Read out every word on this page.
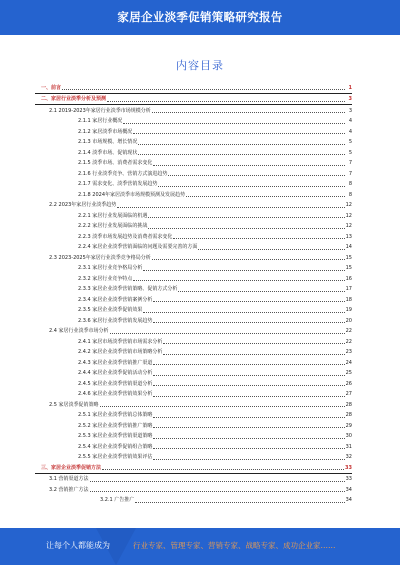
家居企业淡季促销策略研究报告
内容目录
一、前言	1
二、家居行业淡季分析及预测	3
2.1 2019-2023年家居行业淡季市场规模分析	3
2.1.1 家居行业概况	4
2.1.2 家居淡季市场概况	4
2.1.3 市场规模、增长情况	5
2.1.4 淡季市场、促销现状	5
2.1.5 淡季市场、消费者需求变化	7
2.1.6 行业淡季竞争、营销方式演进趋势	7
2.1.7 需求变化、淡季营销发展趋势	8
2.1.8 2024年家居淡季市场规模预测及发展趋势	8
2.2 2023年家居行业淡季趋势	12
2.2.1 家居行业发展面临的机遇	12
2.2.2 家居行业发展面临的挑战	12
2.2.3 淡季市场发展趋势及消费者需求变化	13
2.2.4 家居企业淡季营销面临的问题及需要完善的方面	14
2.3 2023-2025年家居行业淡季竞争格局分析	15
2.3.1 家居行业竞争格局分析	15
2.3.2 家居行业竞争特点	16
2.3.3 家居企业淡季营销策略、促销方式分析	17
2.3.4 家居企业淡季营销案例分析	18
2.3.5 家居企业淡季促销效果	19
2.3.6 家居行业淡季营销发展趋势	20
2.4 家居行业淡季市场分析	22
2.4.1 家居市场淡季营销市场需求分析	22
2.4.2 家居企业淡季营销市场策略分析	23
2.4.3 家居企业淡季营销推广渠道	24
2.4.4 家居企业淡季促销活动分析	25
2.4.5 家居企业淡季营销渠道分析	26
2.4.6 家居企业淡季营销效果分析	27
2.5 家居淡季促销策略	28
2.5.1 家居企业淡季营销总体策略	28
2.5.2 家居企业淡季营销推广策略	29
2.5.3 家居企业淡季营销渠道策略	30
2.5.4 家居企业淡季促销组合策略	31
2.5.5 家居企业淡季营销效果评估	32
三、家居企业淡季促销方法	33
3.1 营销渠道方法	33
3.2 营销推广方法	34
3.2.1 广告推广	34
让每个人都能成为	行业专家、管理专家、营销专家、战略专家、成功企业家……
